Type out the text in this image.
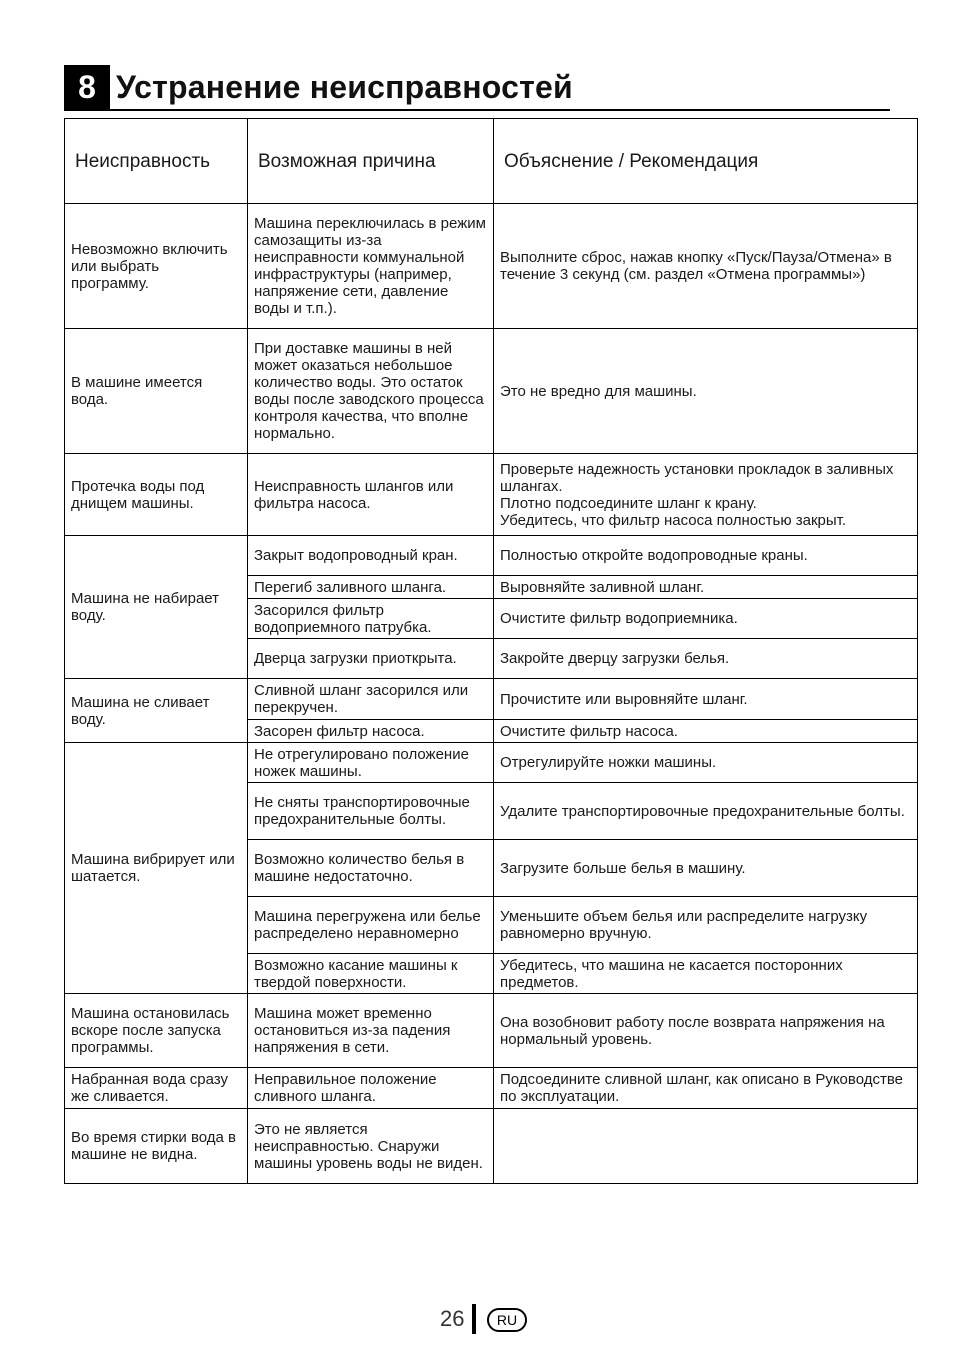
8 Устранение неисправностей
Неисправность	Возможная причина	Объяснение / Рекомендация
Невозможно включить или выбрать программу.	Машина переключилась в режим самозащиты из-за неисправности коммунальной инфраструктуры (например, напряжение сети, давление воды и т.п.).	Выполните сброс, нажав кнопку «Пуск/Пауза/Отмена» в течение 3 секунд (см. раздел «Отмена программы»)
В машине имеется вода.	При доставке машины в ней может оказаться небольшое количество воды. Это остаток воды после заводского процесса контроля качества, что вполне нормально.	Это не вредно для машины.
Протечка воды под днищем машины.	Неисправность шлангов или фильтра насоса.	Проверьте надежность установки прокладок в заливных шлангах.
Плотно подсоедините шланг к крану.
Убедитесь, что фильтр насоса полностью закрыт.
Машина не набирает воду.	Закрыт водопроводный кран.	Полностью откройте водопроводные краны.
	Перегиб заливного шланга.	Выровняйте заливной шланг.
	Засорился фильтр водоприемного патрубка.	Очистите фильтр водоприемника.
	Дверца загрузки приоткрыта.	Закройте дверцу загрузки белья.
Машина не сливает воду.	Сливной шланг засорился или перекручен.	Прочистите или выровняйте шланг.
	Засорен фильтр насоса.	Очистите фильтр насоса.
Машина вибрирует или шатается.	Не отрегулировано положение ножек машины.	Отрегулируйте ножки машины.
	Не сняты транспортировочные предохранительные болты.	Удалите транспортировочные предохранительные болты.
	Возможно количество белья в машине недостаточно.	Загрузите больше белья в машину.
	Машина перегружена или белье распределено неравномерно	Уменьшите объем белья или распределите нагрузку равномерно вручную.
	Возможно касание машины к твердой поверхности.	Убедитесь, что машина не касается посторонних предметов.
Машина остановилась вскоре после запуска программы.	Машина может временно остановиться из-за падения напряжения в сети.	Она возобновит работу после возврата напряжения на нормальный уровень.
Набранная вода сразу же сливается.	Неправильное положение сливного шланга.	Подсоедините сливной шланг, как описано в Руководстве по эксплуатации.
Во время стирки вода в машине не видна.	Это не является неисправностью. Снаружи машины уровень воды не виден.	
26	RU
